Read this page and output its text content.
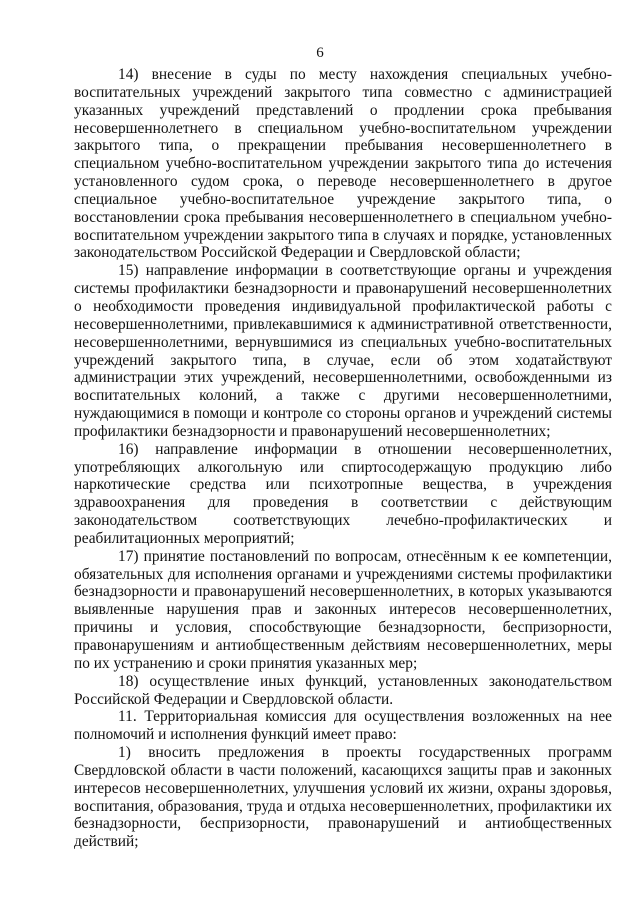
6

14) внесение в суды по месту нахождения специальных учебно-воспитательных учреждений закрытого типа совместно с администрацией указанных учреждений представлений о продлении срока пребывания несовершеннолетнего в специальном учебно-воспитательном учреждении закрытого типа, о прекращении пребывания несовершеннолетнего в специальном учебно-воспитательном учреждении закрытого типа до истечения установленного судом срока, о переводе несовершеннолетнего в другое специальное учебно-воспитательное учреждение закрытого типа, о восстановлении срока пребывания несовершеннолетнего в специальном учебно-воспитательном учреждении закрытого типа в случаях и порядке, установленных законодательством Российской Федерации и Свердловской области;

15) направление информации в соответствующие органы и учреждения системы профилактики безнадзорности и правонарушений несовершеннолетних о необходимости проведения индивидуальной профилактической работы с несовершеннолетними, привлекавшимися к административной ответственности, несовершеннолетними, вернувшимися из специальных учебно-воспитательных учреждений закрытого типа, в случае, если об этом ходатайствуют администрации этих учреждений, несовершеннолетними, освобожденными из воспитательных колоний, а также с другими несовершеннолетними, нуждающимися в помощи и контроле со стороны органов и учреждений системы профилактики безнадзорности и правонарушений несовершеннолетних;

16) направление информации в отношении несовершеннолетних, употребляющих алкогольную или спиртосодержащую продукцию либо наркотические средства или психотропные вещества, в учреждения здравоохранения для проведения в соответствии с действующим законодательством соответствующих лечебно-профилактических и реабилитационных мероприятий;

17) принятие постановлений по вопросам, отнесённым к ее компетенции, обязательных для исполнения органами и учреждениями системы профилактики безнадзорности и правонарушений несовершеннолетних, в которых указываются выявленные нарушения прав и законных интересов несовершеннолетних, причины и условия, способствующие безнадзорности, беспризорности, правонарушениям и антиобщественным действиям несовершеннолетних, меры по их устранению и сроки принятия указанных мер;

18) осуществление иных функций, установленных законодательством Российской Федерации и Свердловской области.

11. Территориальная комиссия для осуществления возложенных на нее полномочий и исполнения функций имеет право:

1) вносить предложения в проекты государственных программ Свердловской области в части положений, касающихся защиты прав и законных интересов несовершеннолетних, улучшения условий их жизни, охраны здоровья, воспитания, образования, труда и отдыха несовершеннолетних, профилактики их безнадзорности, беспризорности, правонарушений и антиобщественных действий;
